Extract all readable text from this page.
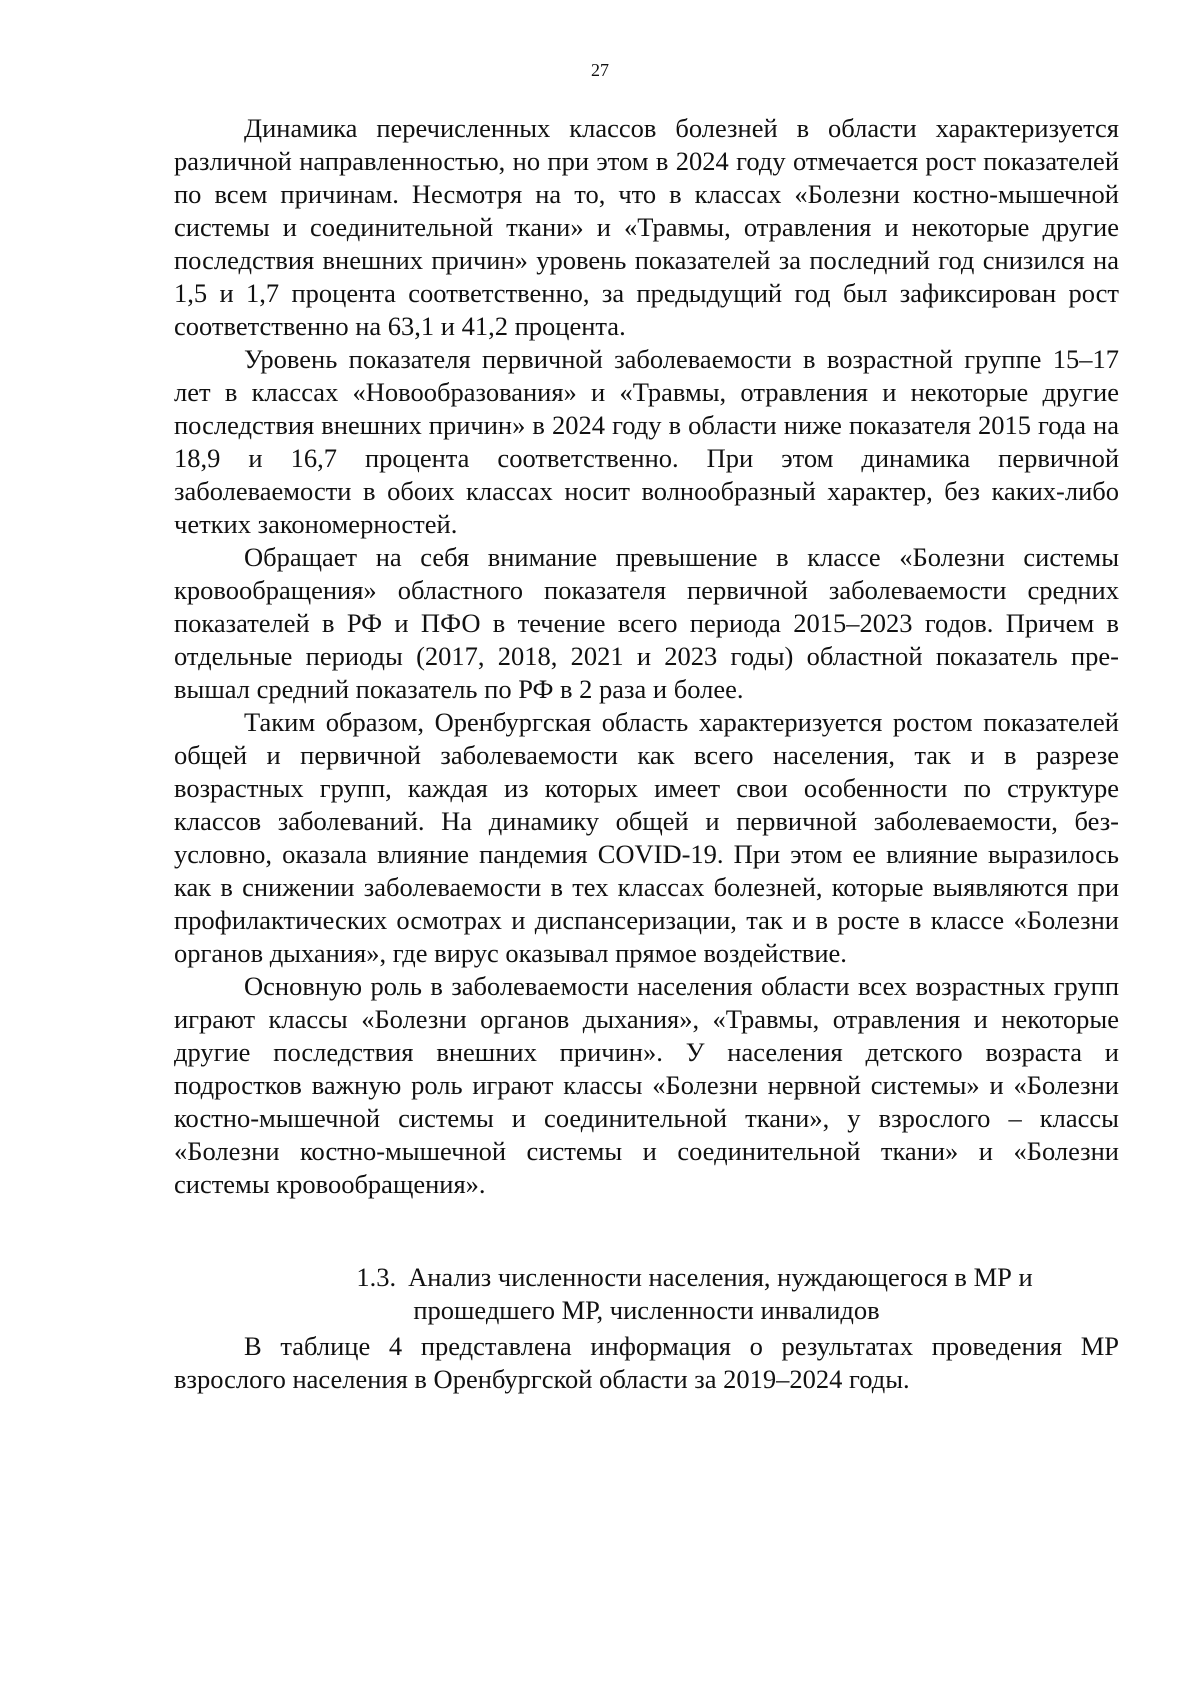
27

Динамика перечисленных классов болезней в области характеризуется различной направленностью, но при этом в 2024 году отмечается рост показателей по всем причинам. Несмотря на то, что в классах «Болезни костно-мышечной системы и соединительной ткани» и «Травмы, отравления и некоторые другие последствия внешних причин» уровень показателей за последний год снизился на 1,5 и 1,7 процента соответственно, за предыдущий год был зафиксирован рост соответственно на 63,1 и 41,2 процента.

Уровень показателя первичной заболеваемости в возрастной группе 15–17 лет в классах «Новообразования» и «Травмы, отравления и некоторые другие последствия внешних причин» в 2024 году в области ниже показателя 2015 года на 18,9 и 16,7 процента соответственно. При этом динамика первичной заболеваемости в обоих классах носит волнообразный характер, без каких-либо четких закономерностей.

Обращает на себя внимание превышение в классе «Болезни системы кровообращения» областного показателя первичной заболеваемости средних показателей в РФ и ПФО в течение всего периода 2015–2023 годов. Причем в отдельные периоды (2017, 2018, 2021 и 2023 годы) областной показатель превышал средний показатель по РФ в 2 раза и более.

Таким образом, Оренбургская область характеризуется ростом показателей общей и первичной заболеваемости как всего населения, так и в разрезе возрастных групп, каждая из которых имеет свои особенности по структуре классов заболеваний. На динамику общей и первичной заболеваемости, безусловно, оказала влияние пандемия COVID-19. При этом ее влияние выразилось как в снижении заболеваемости в тех классах болезней, которые выявляются при профилактических осмотрах и диспансеризации, так и в росте в классе «Болезни органов дыхания», где вирус оказывал прямое воздействие.

Основную роль в заболеваемости населения области всех возрастных групп играют классы «Болезни органов дыхания», «Травмы, отравления и некоторые другие последствия внешних причин». У населения детского возраста и подростков важную роль играют классы «Болезни нервной системы» и «Болезни костно-мышечной системы и соединительной ткани», у взрослого – классы «Болезни костно-мышечной системы и соединительной ткани» и «Болезни системы кровообращения».

1.3. Анализ численности населения, нуждающегося в МР и
прошедшего МР, численности инвалидов

В таблице 4 представлена информация о результатах проведения МР взрослого населения в Оренбургской области за 2019–2024 годы.
